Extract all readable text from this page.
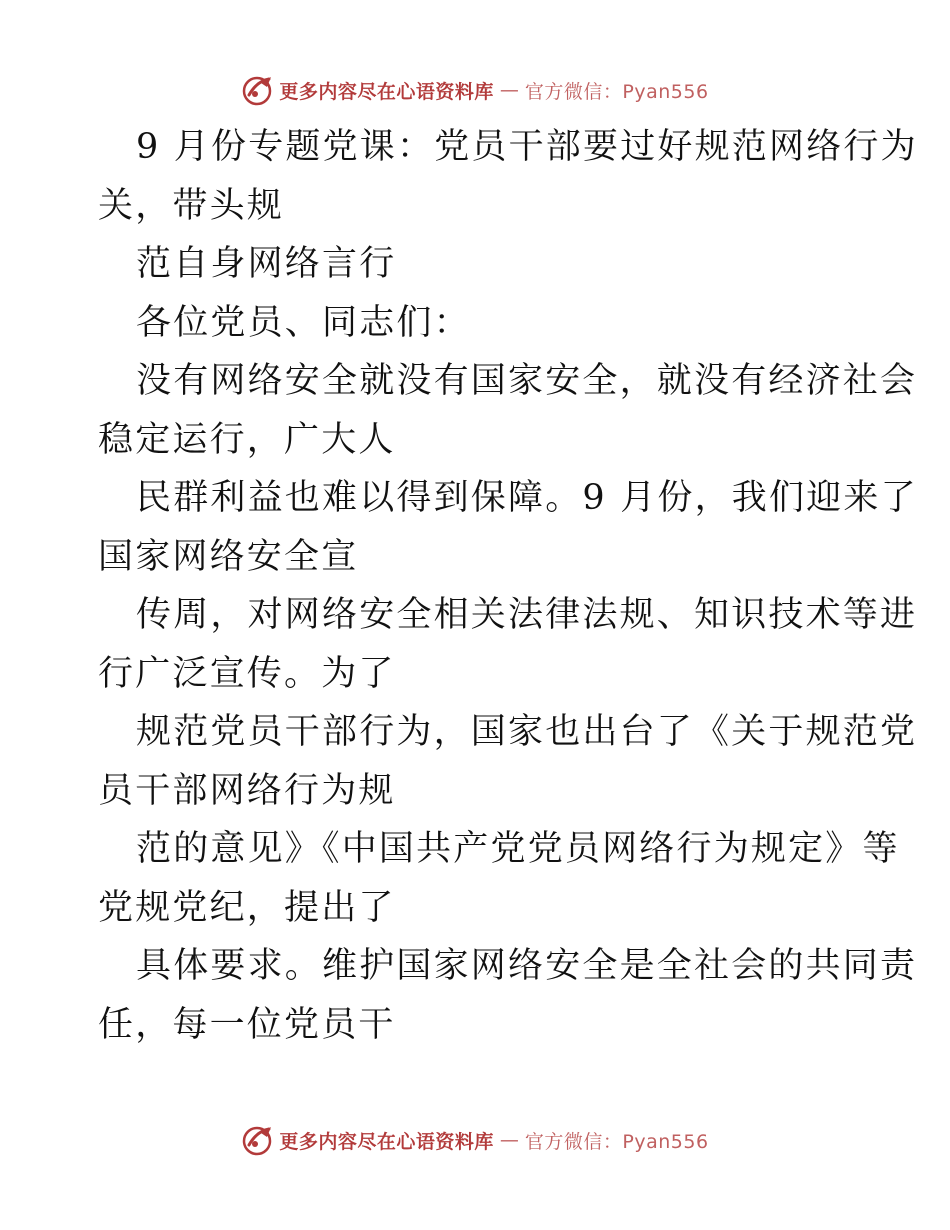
更多内容尽在心语资料库 — 官方微信：Pyan556
9 月份专题党课：党员干部要过好规范网络行为
关，带头规
范自身网络言行
各位党员、同志们：
没有网络安全就没有国家安全，就没有经济社会
稳定运行，广大人
民群利益也难以得到保障。9 月份，我们迎来了
国家网络安全宣
传周，对网络安全相关法律法规、知识技术等进
行广泛宣传。为了
规范党员干部行为，国家也出台了《关于规范党
员干部网络行为规
范的意见》《中国共产党党员网络行为规定》等
党规党纪，提出了
具体要求。维护国家网络安全是全社会的共同责
任，每一位党员干
更多内容尽在心语资料库 — 官方微信：Pyan556
